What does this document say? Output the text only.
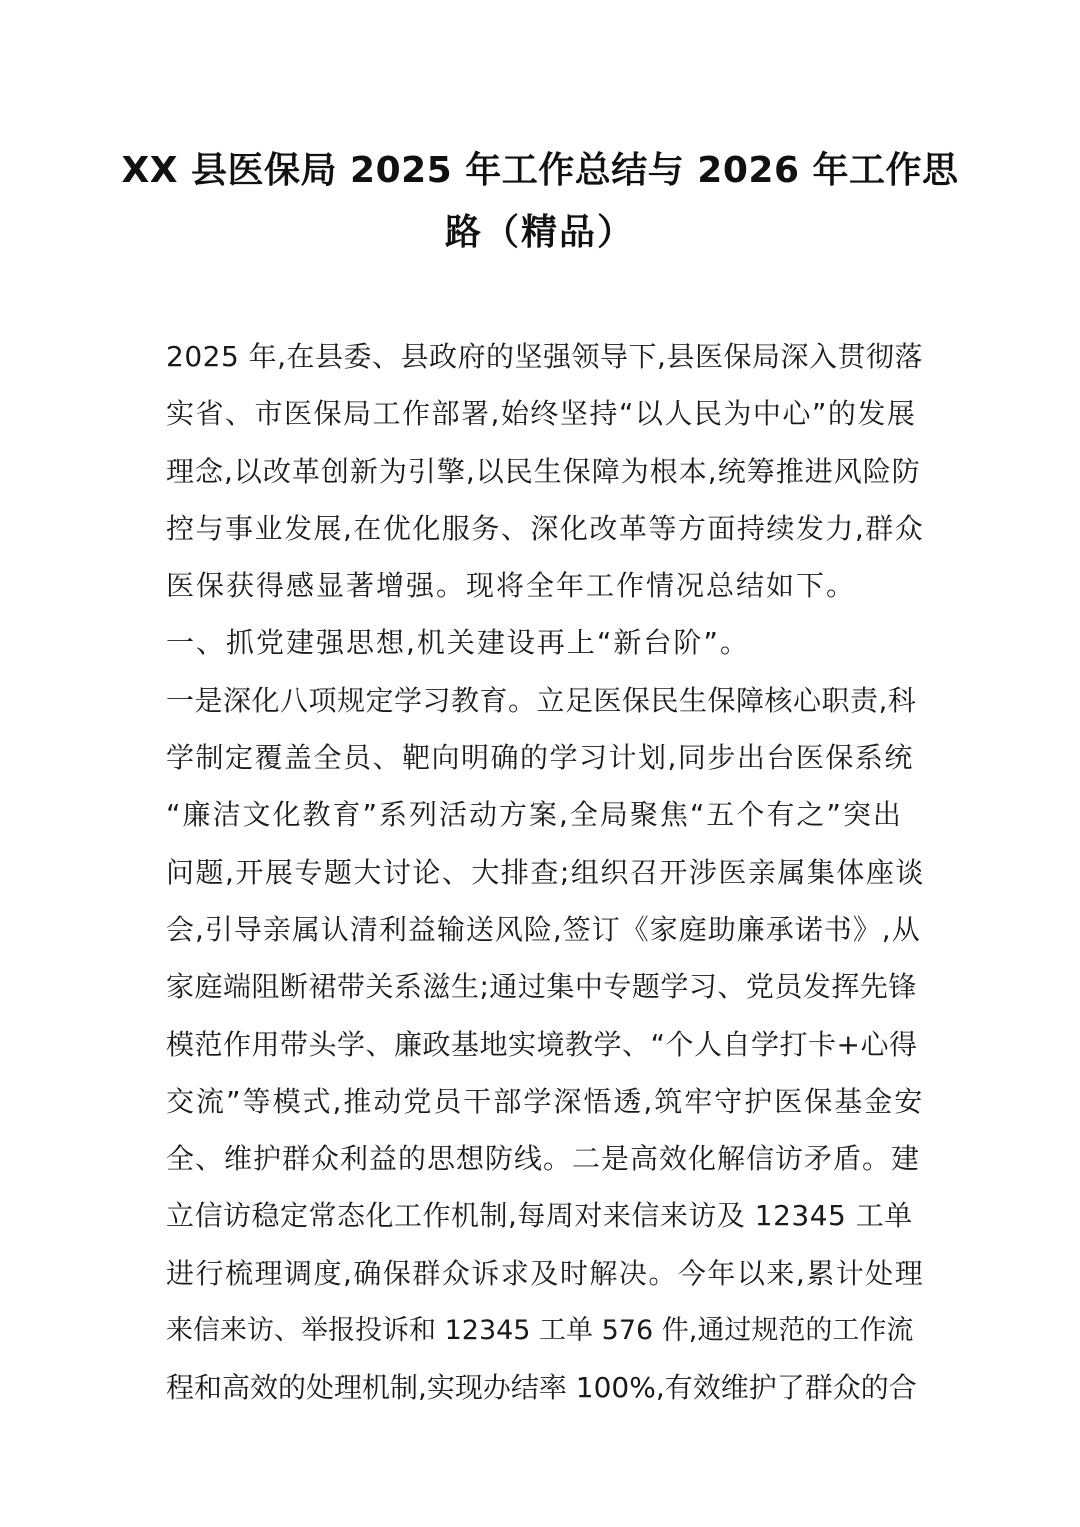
XX 县医保局 2025 年工作总结与 2026 年工作思
路（精品）
2025 年,在县委、县政府的坚强领导下,县医保局深入贯彻落
实省、市医保局工作部署,始终坚持“以人民为中心”的发展
理念,以改革创新为引擎,以民生保障为根本,统筹推进风险防
控与事业发展,在优化服务、深化改革等方面持续发力,群众
医保获得感显著增强。现将全年工作情况总结如下。
一、抓党建强思想,机关建设再上“新台阶”。
一是深化八项规定学习教育。立足医保民生保障核心职责,科
学制定覆盖全员、靶向明确的学习计划,同步出台医保系统
“廉洁文化教育”系列活动方案,全局聚焦“五个有之”突出
问题,开展专题大讨论、大排查;组织召开涉医亲属集体座谈
会,引导亲属认清利益输送风险,签订《家庭助廉承诺书》,从
家庭端阻断裙带关系滋生;通过集中专题学习、党员发挥先锋
模范作用带头学、廉政基地实境教学、“个人自学打卡+心得
交流”等模式,推动党员干部学深悟透,筑牢守护医保基金安
全、维护群众利益的思想防线。二是高效化解信访矛盾。建
立信访稳定常态化工作机制,每周对来信来访及 12345 工单
进行梳理调度,确保群众诉求及时解决。今年以来,累计处理
来信来访、举报投诉和 12345 工单 576 件,通过规范的工作流
程和高效的处理机制,实现办结率 100%,有效维护了群众的合
